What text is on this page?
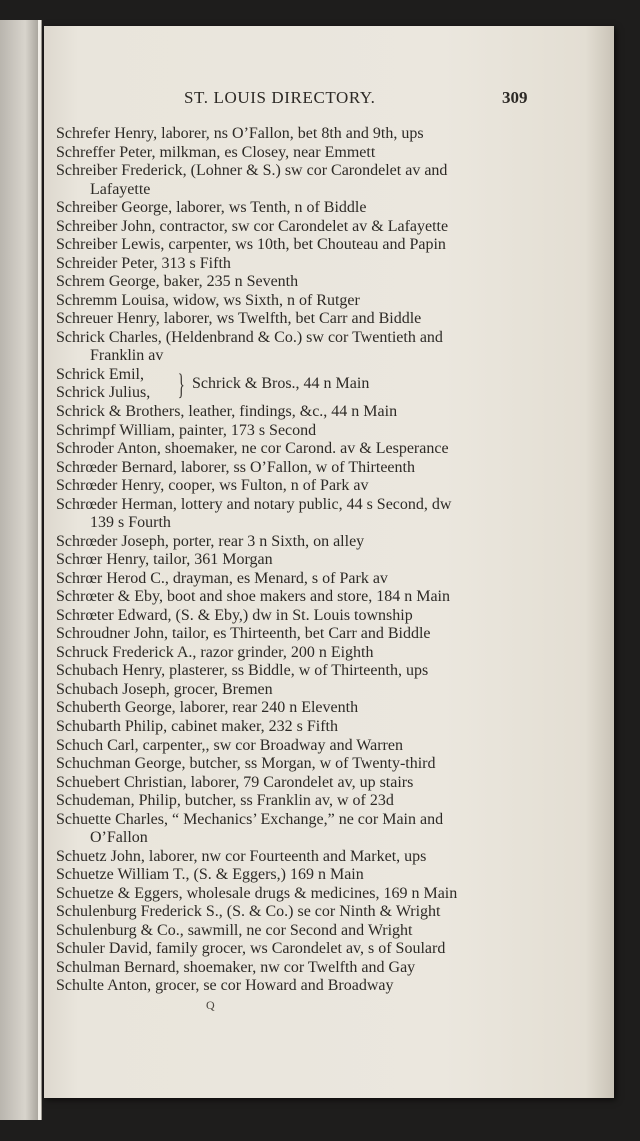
ST. LOUIS DIRECTORY.	309
Schrefer Henry, laborer, ns O’Fallon, bet 8th and 9th, ups
Schreffer Peter, milkman, es Closey, near Emmett
Schreiber Frederick, (Lohner & S.) sw cor Carondelet av and
Lafayette
Schreiber George, laborer, ws Tenth, n of Biddle
Schreiber John, contractor, sw cor Carondelet av & Lafayette
Schreiber Lewis, carpenter, ws 10th, bet Chouteau and Papin
Schreider Peter, 313 s Fifth
Schrem George, baker, 235 n Seventh
Schremm Louisa, widow, ws Sixth, n of Rutger
Schreuer Henry, laborer, ws Twelfth, bet Carr and Biddle
Schrick Charles, (Heldenbrand & Co.) sw cor Twentieth and
Franklin av
Schrick Emil,
Schrick Julius, } Schrick & Bros., 44 n Main
Schrick & Brothers, leather, findings, &c., 44 n Main
Schrimpf William, painter, 173 s Second
Schroder Anton, shoemaker, ne cor Carond. av & Lesperance
Schrœder Bernard, laborer, ss O’Fallon, w of Thirteenth
Schrœder Henry, cooper, ws Fulton, n of Park av
Schrœder Herman, lottery and notary public, 44 s Second, dw
139 s Fourth
Schrœder Joseph, porter, rear 3 n Sixth, on alley
Schrœr Henry, tailor, 361 Morgan
Schrœr Herod C., drayman, es Menard, s of Park av
Schrœter & Eby, boot and shoe makers and store, 184 n Main
Schrœter Edward, (S. & Eby,) dw in St. Louis township
Schroudner John, tailor, es Thirteenth, bet Carr and Biddle
Schruck Frederick A., razor grinder, 200 n Eighth
Schubach Henry, plasterer, ss Biddle, w of Thirteenth, ups
Schubach Joseph, grocer, Bremen
Schuberth George, laborer, rear 240 n Eleventh
Schubarth Philip, cabinet maker, 232 s Fifth
Schuch Carl, carpenter,, sw cor Broadway and Warren
Schuchman George, butcher, ss Morgan, w of Twenty-third
Schuebert Christian, laborer, 79 Carondelet av, up stairs
Schudeman, Philip, butcher, ss Franklin av, w of 23d
Schuette Charles, “ Mechanics’ Exchange,” ne cor Main and
O’Fallon
Schuetz John, laborer, nw cor Fourteenth and Market, ups
Schuetze William T., (S. & Eggers,) 169 n Main
Schuetze & Eggers, wholesale drugs & medicines, 169 n Main
Schulenburg Frederick S., (S. & Co.) se cor Ninth & Wright
Schulenburg & Co., sawmill, ne cor Second and Wright
Schuler David, family grocer, ws Carondelet av, s of Soulard
Schulman Bernard, shoemaker, nw cor Twelfth and Gay
Schulte Anton, grocer, se cor Howard and Broadway
Q
